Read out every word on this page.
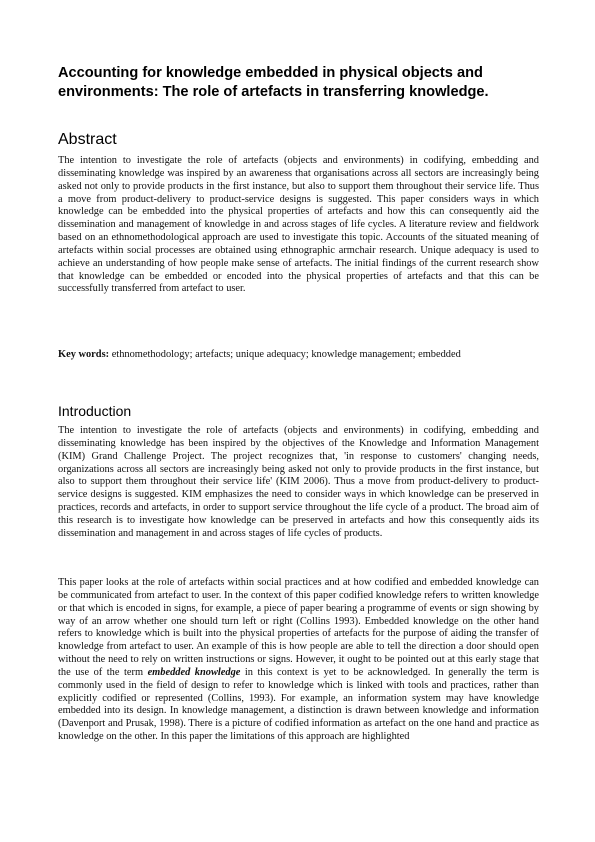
Accounting for knowledge embedded in physical objects and environments: The role of artefacts in transferring knowledge.
Abstract

The intention to investigate the role of artefacts (objects and environments) in codifying, embedding and disseminating knowledge was inspired by an awareness that organisations across all sectors are increasingly being asked not only to provide products in the first instance, but also to support them throughout their service life. Thus a move from product-delivery to product-service designs is suggested. This paper considers ways in which knowledge can be embedded into the physical properties of artefacts and how this can consequently aid the dissemination and management of knowledge in and across stages of life cycles. A literature review and fieldwork based on an ethnomethodological approach are used to investigate this topic. Accounts of the situated meaning of artefacts within social processes are obtained using ethnographic armchair research. Unique adequacy is used to achieve an understanding of how people make sense of artefacts. The initial findings of the current research show that knowledge can be embedded or encoded into the physical properties of artefacts and that this can be successfully transferred from artefact to user.

Key words: ethnomethodology; artefacts; unique adequacy; knowledge management; embedded

Introduction

The intention to investigate the role of artefacts (objects and environments) in codifying, embedding and disseminating knowledge has been inspired by the objectives of the Knowledge and Information Management (KIM) Grand Challenge Project. The project recognizes that, 'in response to customers' changing needs, organizations across all sectors are increasingly being asked not only to provide products in the first instance, but also to support them throughout their service life' (KIM 2006). Thus a move from product-delivery to product-service designs is suggested. KIM emphasizes the need to consider ways in which knowledge can be preserved in practices, records and artefacts, in order to support service throughout the life cycle of a product. The broad aim of this research is to investigate how knowledge can be preserved in artefacts and how this consequently aids its dissemination and management in and across stages of life cycles of products.

This paper looks at the role of artefacts within social practices and at how codified and embedded knowledge can be communicated from artefact to user. In the context of this paper codified knowledge refers to written knowledge or that which is encoded in signs, for example, a piece of paper bearing a programme of events or sign showing by way of an arrow whether one should turn left or right (Collins 1993). Embedded knowledge on the other hand refers to knowledge which is built into the physical properties of artefacts for the purpose of aiding the transfer of knowledge from artefact to user. An example of this is how people are able to tell the direction a door should open without the need to rely on written instructions or signs. However, it ought to be pointed out at this early stage that the use of the term embedded knowledge in this context is yet to be acknowledged. In generally the term is commonly used in the field of design to refer to knowledge which is linked with tools and practices, rather than explicitly codified or represented (Collins, 1993). For example, an information system may have knowledge embedded into its design. In knowledge management, a distinction is drawn between knowledge and information (Davenport and Prusak, 1998). There is a picture of codified information as artefact on the one hand and practice as knowledge on the other. In this paper the limitations of this approach are highlighted
